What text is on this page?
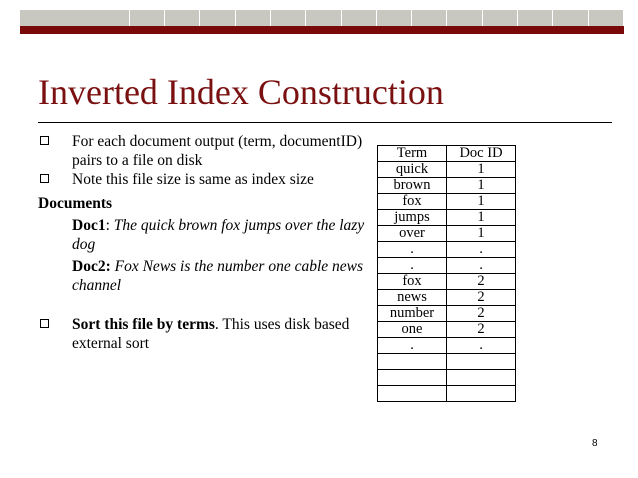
Inverted Index Construction
For each document output (term, documentID) pairs to a file on disk
Note this file size is same as index size
Documents
Doc1: The quick brown fox jumps over the lazy dog
Doc2: Fox News is the number one cable news channel
Sort this file by terms. This uses disk based external sort
Term	Doc ID
quick	1
brown	1
fox	1
jumps	1
over	1
.	.
.	.
fox	2
news	2
number	2
one	2
.	.

8
